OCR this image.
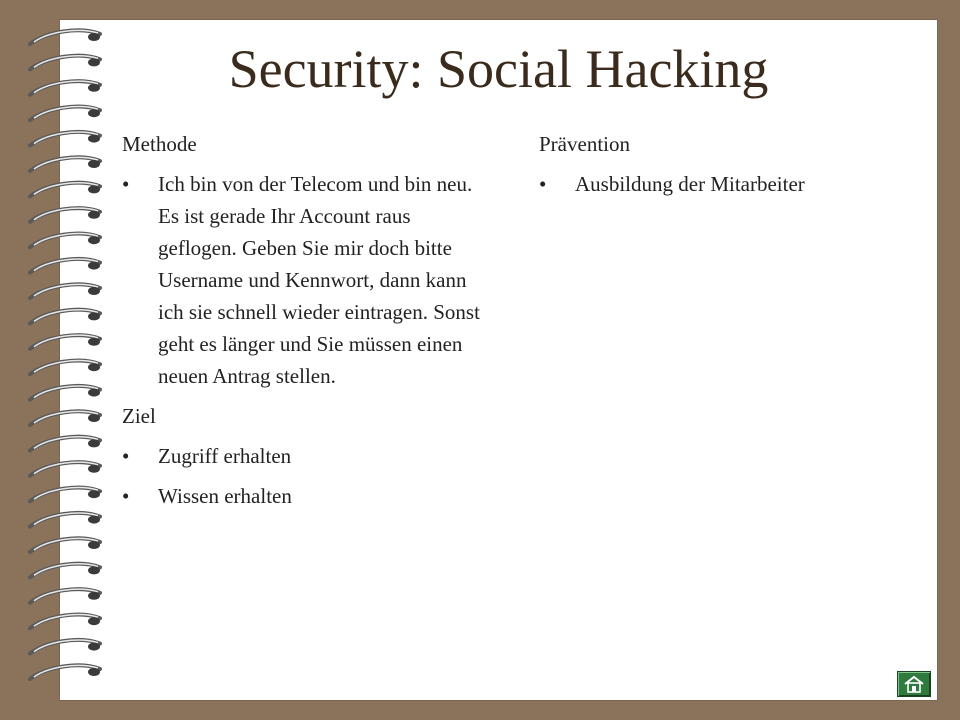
Security: Social Hacking
Methode
• Ich bin von der Telecom und bin neu. Es ist gerade Ihr Account raus geflogen. Geben Sie mir doch bitte Username und Kennwort, dann kann ich sie schnell wieder eintragen. Sonst geht es länger und Sie müssen einen neuen Antrag stellen.
Ziel
• Zugriff erhalten
• Wissen erhalten
Prävention
• Ausbildung der Mitarbeiter
